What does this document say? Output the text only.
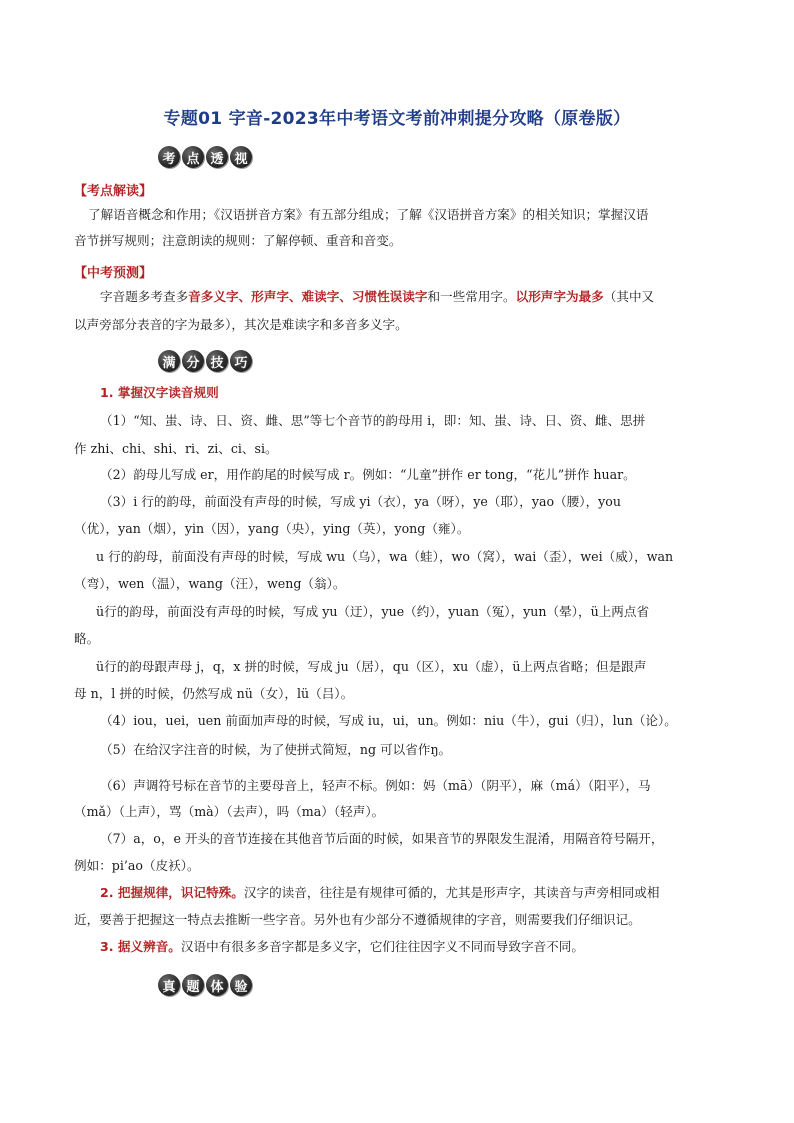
专题01 字音-2023年中考语文考前冲刺提分攻略（原卷版）
考 点 透 视
【考点解读】
了解语音概念和作用；《汉语拼音方案》有五部分组成；了解《汉语拼音方案》的相关知识；掌握汉语
音节拼写规则；注意朗读的规则：了解停顿、重音和音变。
【中考预测】
字音题多考查多音多义字、形声字、难读字、习惯性误读字和一些常用字。以形声字为最多（其中又
以声旁部分表音的字为最多），其次是难读字和多音多义字。
满 分 技 巧
1. 掌握汉字读音规则
（1）“知、蚩、诗、日、资、雌、思”等七个音节的韵母用 i，即：知、蚩、诗、日、资、雌、思拼
作 zhi、chi、shi、ri、zi、ci、si。
（2）韵母儿写成 er，用作韵尾的时候写成 r。例如：“儿童”拼作 er tong，“花儿”拼作 huar。
（3）i 行的韵母，前面没有声母的时候，写成 yi（衣），ya（呀），ye（耶），yao（腰），you
（优），yan（烟），yin（因），yang（央），ying（英），yong（雍）。
u 行的韵母，前面没有声母的时候，写成 wu（乌），wa（蛙），wo（窝），wai（歪），wei（威），wan
（弯），wen（温），wang（汪），weng（翁）。
ü行的韵母，前面没有声母的时候，写成 yu（迂），yue（约），yuan（冤），yun（晕），ü上两点省
略。
ü行的韵母跟声母 j，q，x 拼的时候，写成 ju（居），qu（区），xu（虚），ü上两点省略；但是跟声
母 n，l 拼的时候，仍然写成 nü（女），lü（吕）。
（4）iou，uei，uen 前面加声母的时候，写成 iu，ui，un。例如：niu（牛），gui（归），lun（论）。
（5）在给汉字注音的时候，为了使拼式简短，ng 可以省作ŋ。
（6）声调符号标在音节的主要母音上，轻声不标。例如：妈（mā）（阴平），麻（má）（阳平），马
（mǎ）（上声），骂（mà）（去声），吗（ma）（轻声）。
（7）a，o，e 开头的音节连接在其他音节后面的时候，如果音节的界限发生混淆，用隔音符号隔开，
例如：pi’ao（皮袄）。
2. 把握规律，识记特殊。汉字的读音，往往是有规律可循的，尤其是形声字，其读音与声旁相同或相
近，要善于把握这一特点去推断一些字音。另外也有少部分不遵循规律的字音，则需要我们仔细识记。
3. 据义辨音。汉语中有很多多音字都是多义字，它们往往因字义不同而导致字音不同。
真 题 体 验
